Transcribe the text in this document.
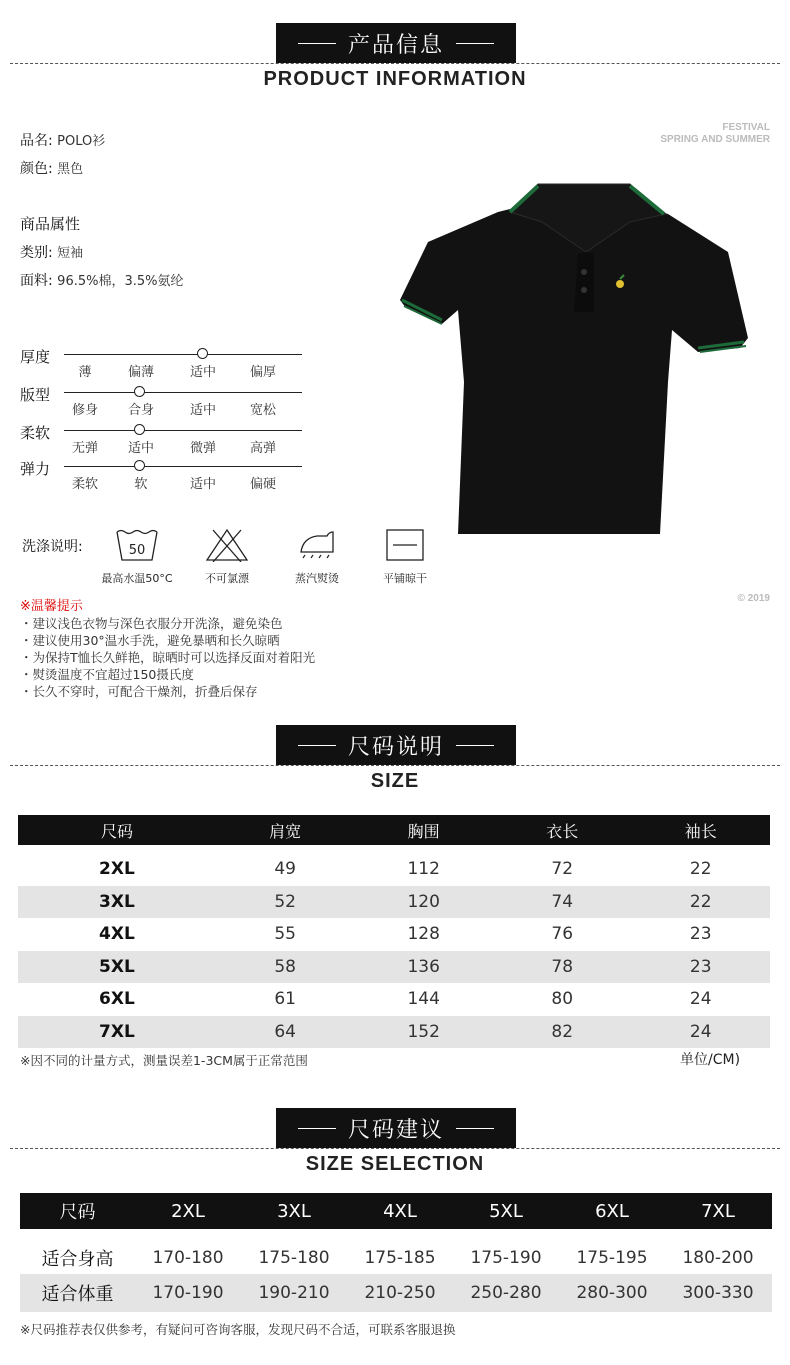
产品信息
PRODUCT INFORMATION
品名: POLO衫
颜色: 黑色
商品属性
类别: 短袖
面料: 96.5%棉，3.5%氨纶
FESTIVAL
SPRING AND SUMMER
© 2019
厚度
薄	偏薄	适中	偏厚
版型
修身	合身	适中	宽松
柔软
无弹	适中	微弹	高弹
弹力
柔软	软	适中	偏硬
洗涤说明:	50
最高水温50°C	不可氯漂	蒸汽熨烫	平铺晾干
※温馨提示
・建议浅色衣物与深色衣服分开洗涤，避免染色
・建议使用30°温水手洗，避免暴晒和长久晾晒
・为保持T恤长久鲜艳，晾晒时可以选择反面对着阳光
・熨烫温度不宜超过150摄氏度
・长久不穿时，可配合干燥剂，折叠后保存
尺码说明
SIZE
尺码	肩宽	胸围	衣长	袖长
2XL	49	112	72	22
3XL	52	120	74	22
4XL	55	128	76	23
5XL	58	136	78	23
6XL	61	144	80	24
7XL	64	152	82	24
※因不同的计量方式，测量误差1-3CM属于正常范围	单位/CM)
尺码建议
SIZE SELECTION
尺码	2XL	3XL	4XL	5XL	6XL	7XL
适合身高	170-180	175-180	175-185	175-190	175-195	180-200
适合体重	170-190	190-210	210-250	250-280	280-300	300-330
※尺码推荐表仅供参考，有疑问可咨询客服，发现尺码不合适，可联系客服退换
